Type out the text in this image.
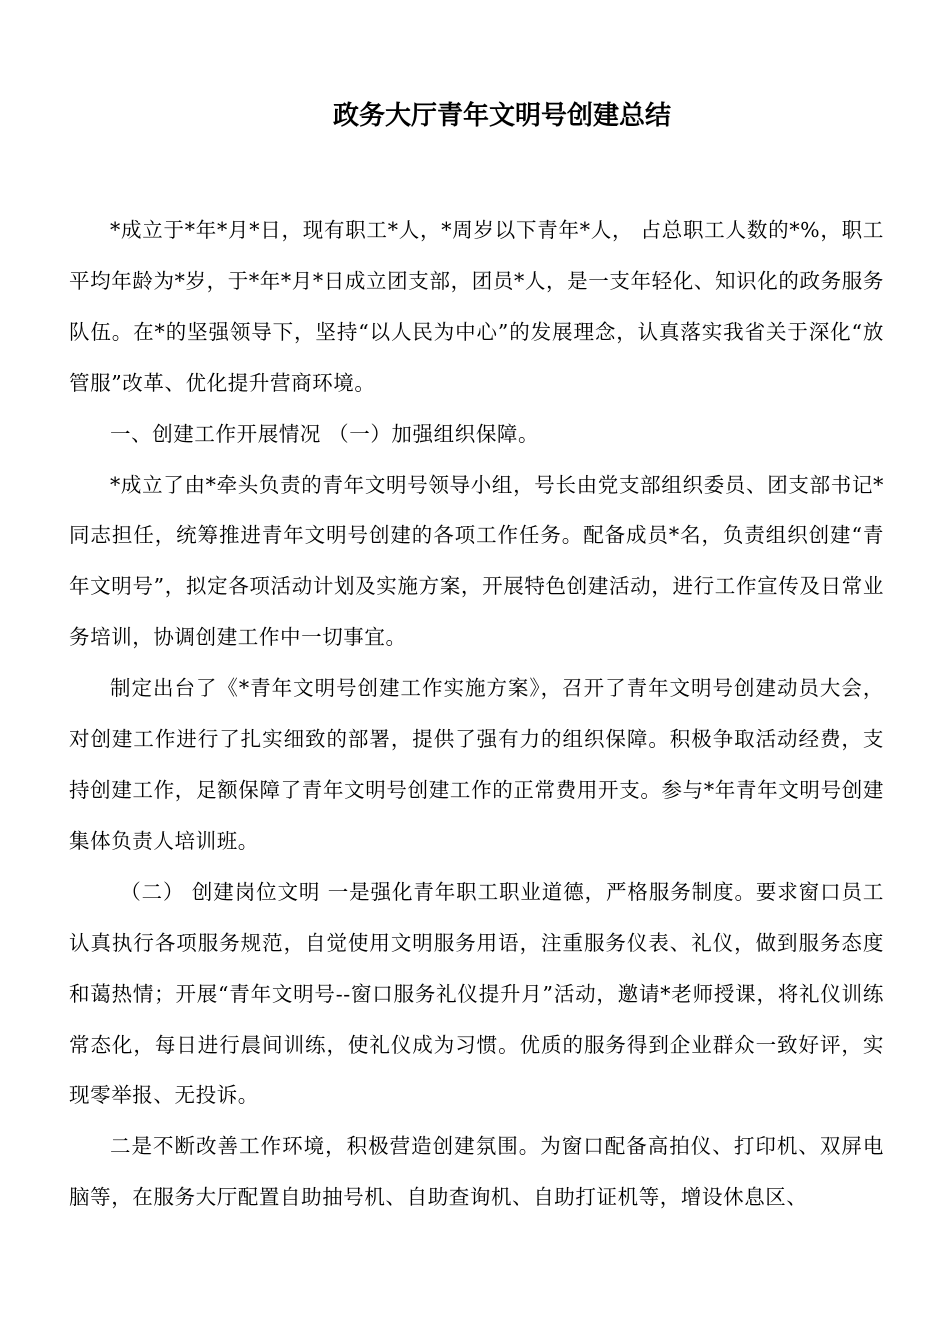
政务大厅青年文明号创建总结

*成立于*年*月*日，现有职工*人，*周岁以下青年*人， 占总职工人数的*%，职工平均年龄为*岁，于*年*月*日成立团支部，团员*人，是一支年轻化、知识化的政务服务队伍。在*的坚强领导下，坚持“以人民为中心”的发展理念，认真落实我省关于深化“放管服”改革、优化提升营商环境。

一、创建工作开展情况 （一）加强组织保障。

*成立了由*牵头负责的青年文明号领导小组，号长由党支部组织委员、团支部书记*同志担任，统筹推进青年文明号创建的各项工作任务。配备成员*名，负责组织创建“青年文明号”，拟定各项活动计划及实施方案，开展特色创建活动，进行工作宣传及日常业务培训，协调创建工作中一切事宜。

制定出台了《*青年文明号创建工作实施方案》，召开了青年文明号创建动员大会，对创建工作进行了扎实细致的部署，提供了强有力的组织保障。积极争取活动经费，支持创建工作，足额保障了青年文明号创建工作的正常费用开支。参与*年青年文明号创建集体负责人培训班。

（二） 创建岗位文明 一是强化青年职工职业道德，严格服务制度。要求窗口员工认真执行各项服务规范，自觉使用文明服务用语，注重服务仪表、礼仪，做到服务态度和蔼热情；开展“青年文明号--窗口服务礼仪提升月”活动，邀请*老师授课，将礼仪训练常态化，每日进行晨间训练，使礼仪成为习惯。优质的服务得到企业群众一致好评，实现零举报、无投诉。

二是不断改善工作环境，积极营造创建氛围。为窗口配备高拍仪、打印机、双屏电脑等，在服务大厅配置自助抽号机、自助查询机、自助打证机等，增设休息区、
